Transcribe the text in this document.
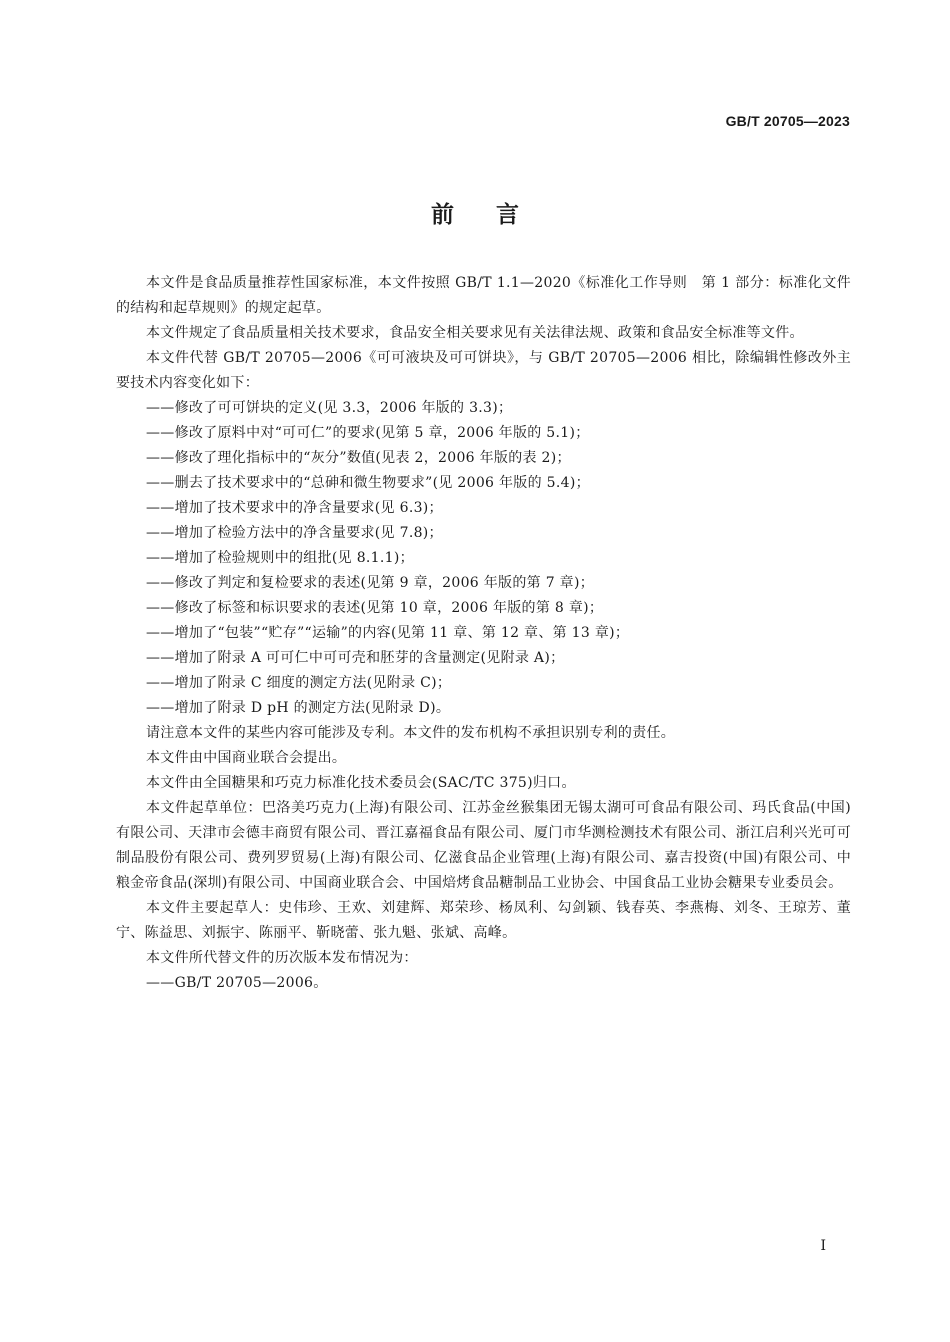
GB/T 20705—2023
前言

本文件是食品质量推荐性国家标准，本文件按照 GB/T 1.1—2020《标准化工作导则　第 1 部分：标准化文件的结构和起草规则》的规定起草。

本文件规定了食品质量相关技术要求，食品安全相关要求见有关法律法规、政策和食品安全标准等文件。

本文件代替 GB/T 20705—2006《可可液块及可可饼块》，与 GB/T 20705—2006 相比，除编辑性修改外主要技术内容变化如下：

——修改了可可饼块的定义(见 3.3，2006 年版的 3.3)；

——修改了原料中对“可可仁”的要求(见第 5 章，2006 年版的 5.1)；

——修改了理化指标中的“灰分”数值(见表 2，2006 年版的表 2)；

——删去了技术要求中的“总砷和微生物要求”(见 2006 年版的 5.4)；

——增加了技术要求中的净含量要求(见 6.3)；

——增加了检验方法中的净含量要求(见 7.8)；

——增加了检验规则中的组批(见 8.1.1)；

——修改了判定和复检要求的表述(见第 9 章，2006 年版的第 7 章)；

——修改了标签和标识要求的表述(见第 10 章，2006 年版的第 8 章)；

——增加了“包装”“贮存”“运输”的内容(见第 11 章、第 12 章、第 13 章)；

——增加了附录 A 可可仁中可可壳和胚芽的含量测定(见附录 A)；

——增加了附录 C 细度的测定方法(见附录 C)；

——增加了附录 D pH 的测定方法(见附录 D)。

请注意本文件的某些内容可能涉及专利。本文件的发布机构不承担识别专利的责任。

本文件由中国商业联合会提出。

本文件由全国糖果和巧克力标准化技术委员会(SAC/TC 375)归口。

本文件起草单位：巴洛美巧克力(上海)有限公司、江苏金丝猴集团无锡太湖可可食品有限公司、玛氏食品(中国)有限公司、天津市会德丰商贸有限公司、晋江嘉福食品有限公司、厦门市华测检测技术有限公司、浙江启利兴光可可制品股份有限公司、费列罗贸易(上海)有限公司、亿滋食品企业管理(上海)有限公司、嘉吉投资(中国)有限公司、中粮金帝食品(深圳)有限公司、中国商业联合会、中国焙烤食品糖制品工业协会、中国食品工业协会糖果专业委员会。

本文件主要起草人：史伟珍、王欢、刘建辉、郑荣珍、杨凤利、勾剑颖、钱春英、李燕梅、刘冬、王琼芳、董宁、陈益思、刘振宇、陈丽平、靳晓蕾、张九魁、张斌、高峰。

本文件所代替文件的历次版本发布情况为：

——GB/T 20705—2006。

I
